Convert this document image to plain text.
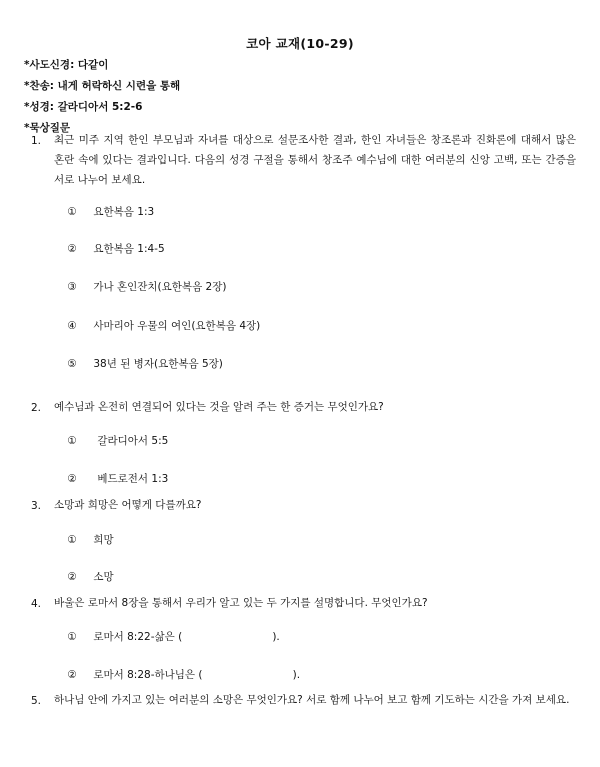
코아 교재(10-29)
*사도신경: 다같이
*찬송: 내게 허락하신 시련을 통해
*성경: 갈라디아서 5:2-6
*묵상질문
1. 최근 미주 지역 한인 부모님과 자녀를 대상으로 설문조사한 결과, 한인 자녀들은 창조론과 진화론에 대해서 많은 혼란 속에 있다는 결과입니다. 다음의 성경 구절을 통해서 창조주 예수님에 대한 여러분의 신앙 고백, 또는 간증을 서로 나누어 보세요.

① 요한복음 1:3

② 요한복음 1:4-5

③ 가나 혼인잔치(요한복음 2장)

④ 사마리아 우물의 여인(요한복음 4장)

⑤ 38년 된 병자(요한복음 5장)

2. 예수님과 온전히 연결되어 있다는 것을 알려 주는 한 증거는 무엇인가요?

① 갈라디아서 5:5

② 베드로전서 1:3

3. 소망과 희망은 어떻게 다를까요?

① 희망

② 소망

4. 바울은 로마서 8장을 통해서 우리가 알고 있는 두 가지를 설명합니다. 무엇인가요?

① 로마서 8:22-삶은 (                           ).

② 로마서 8:28-하나님은 (                           ).

5. 하나님 안에 가지고 있는 여러분의 소망은 무엇인가요? 서로 함께 나누어 보고 함께 기도하는 시간을 가져 보세요.
